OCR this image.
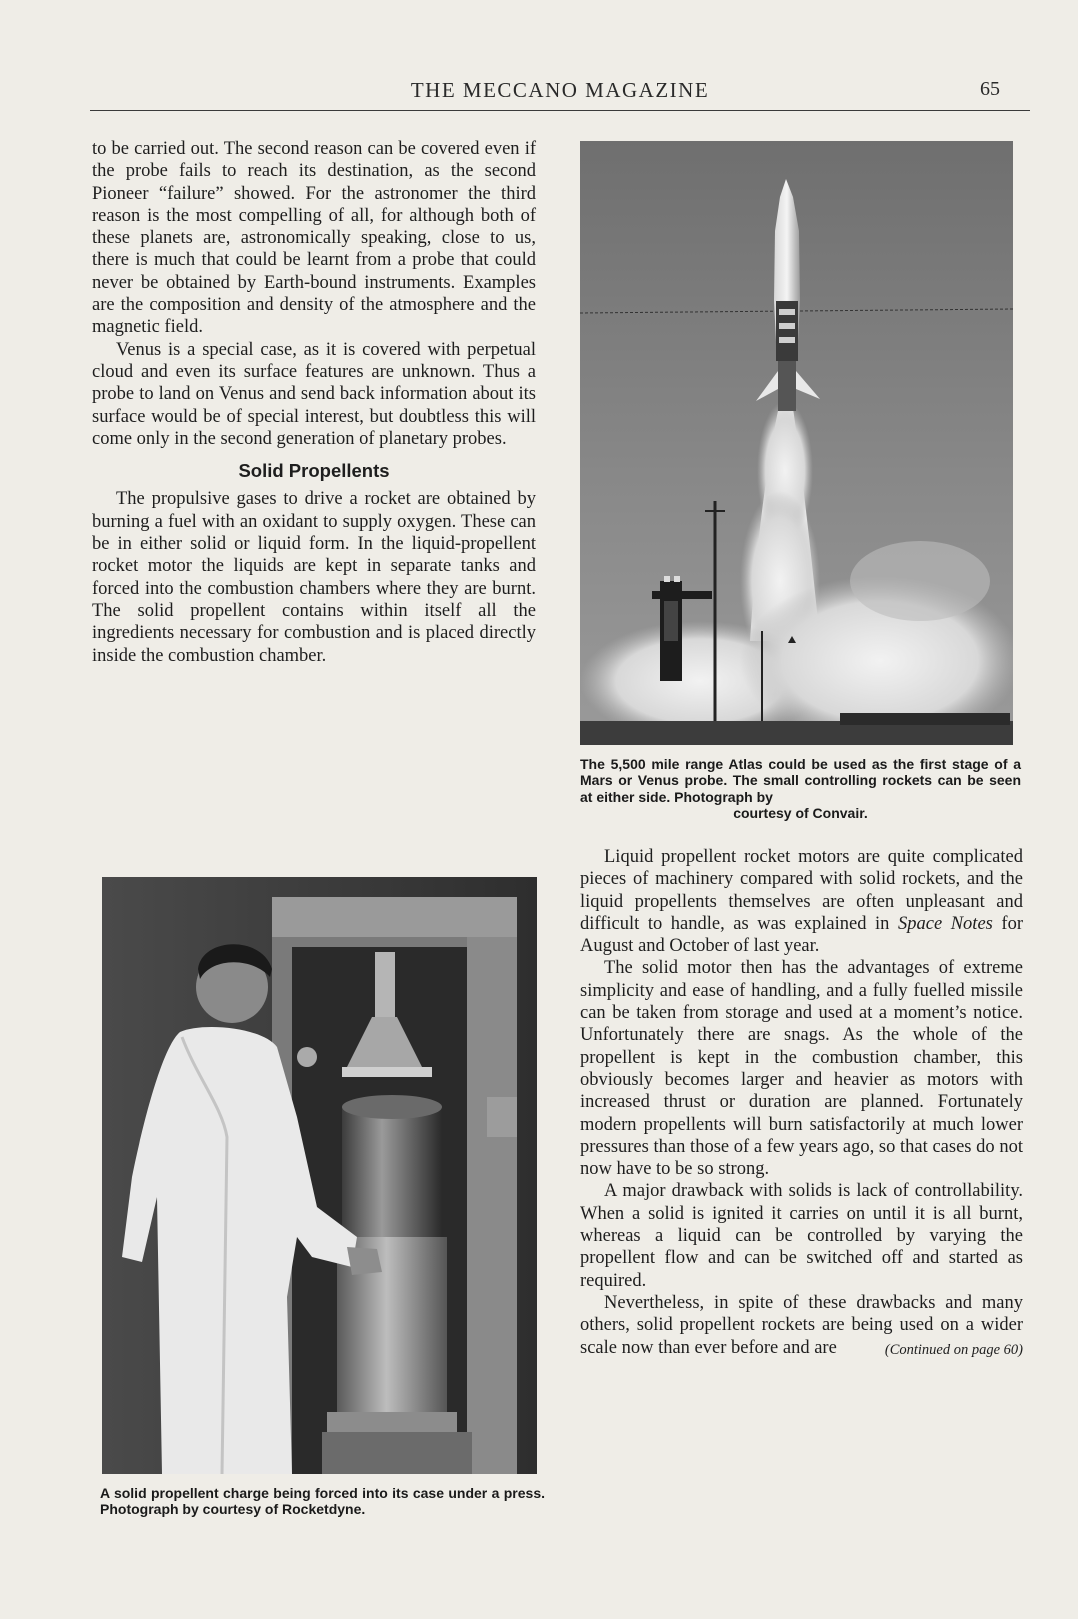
THE MECCANO MAGAZINE	65

to be carried out. The second reason can be covered even if the probe fails to reach its destination, as the second Pioneer “failure” showed. For the astronomer the third reason is the most compelling of all, for although both of these planets are, astronomically speaking, close to us, there is much that could be learnt from a probe that could never be obtained by Earth-bound instruments. Examples are the composition and density of the atmosphere and the magnetic field.

Venus is a special case, as it is covered with perpetual cloud and even its surface features are unknown. Thus a probe to land on Venus and send back information about its surface would be of special interest, but doubtless this will come only in the second generation of planetary probes.

Solid Propellents

The propulsive gases to drive a rocket are obtained by burning a fuel with an oxidant to supply oxygen. These can be in either solid or liquid form. In the liquid-propellent rocket motor the liquids are kept in separate tanks and forced into the combustion chambers where they are burnt. The solid propellent contains within itself all the ingredients necessary for combustion and is placed directly inside the combustion chamber.

The 5,500 mile range Atlas could be used as the first stage of a Mars or Venus probe. The small controlling rockets can be seen at either side. Photograph by
courtesy of Convair.
A solid propellent charge being forced into its case under a press. Photograph by courtesy of Rocketdyne.

Liquid propellent rocket motors are quite complicated pieces of machinery compared with solid rockets, and the liquid propellents themselves are often unpleasant and difficult to handle, as was explained in Space Notes for August and October of last year.

The solid motor then has the advantages of extreme simplicity and ease of handling, and a fully fuelled missile can be taken from storage and used at a moment’s notice. Unfortunately there are snags. As the whole of the propellent is kept in the combustion chamber, this obviously becomes larger and heavier as motors with increased thrust or duration are planned. Fortunately modern propellents will burn satisfactorily at much lower pressures than those of a few years ago, so that cases do not now have to be so strong.

A major drawback with solids is lack of controllability. When a solid is ignited it carries on until it is all burnt, whereas a liquid can be controlled by varying the propellent flow and can be switched off and started as required.

Nevertheless, in spite of these drawbacks and many others, solid propellent rockets are being used on a wider scale now than ever before and are	(Continued on page 60)
